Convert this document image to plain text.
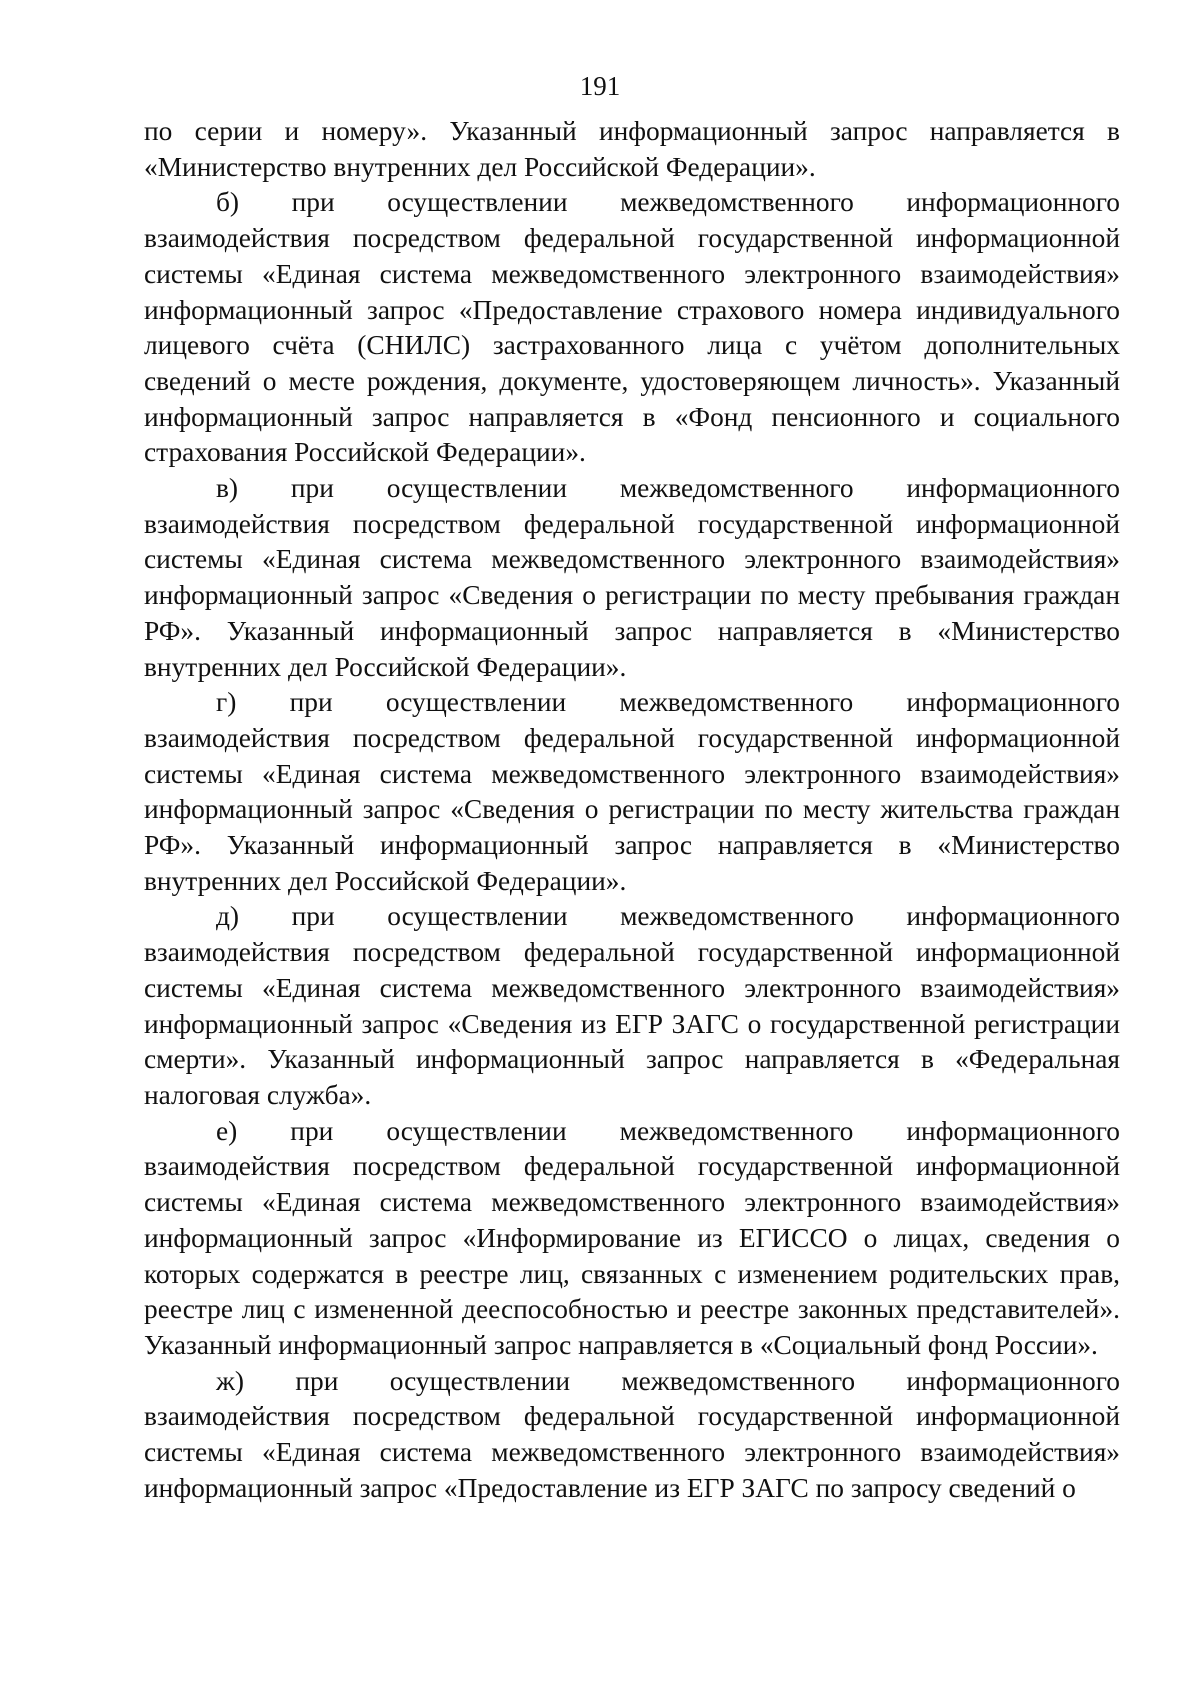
191

по серии и номеру». Указанный информационный запрос направляется в «Министерство внутренних дел Российской Федерации».

б) при осуществлении межведомственного информационного взаимодействия посредством федеральной государственной информационной системы «Единая система межведомственного электронного взаимодействия» информационный запрос «Предоставление страхового номера индивидуального лицевого счёта (СНИЛС) застрахованного лица с учётом дополнительных сведений о месте рождения, документе, удостоверяющем личность». Указанный информационный запрос направляется в «Фонд пенсионного и социального страхования Российской Федерации».

в) при осуществлении межведомственного информационного взаимодействия посредством федеральной государственной информационной системы «Единая система межведомственного электронного взаимодействия» информационный запрос «Сведения о регистрации по месту пребывания граждан РФ». Указанный информационный запрос направляется в «Министерство внутренних дел Российской Федерации».

г) при осуществлении межведомственного информационного взаимодействия посредством федеральной государственной информационной системы «Единая система межведомственного электронного взаимодействия» информационный запрос «Сведения о регистрации по месту жительства граждан РФ». Указанный информационный запрос направляется в «Министерство внутренних дел Российской Федерации».

д) при осуществлении межведомственного информационного взаимодействия посредством федеральной государственной информационной системы «Единая система межведомственного электронного взаимодействия» информационный запрос «Сведения из ЕГР ЗАГС о государственной регистрации смерти». Указанный информационный запрос направляется в «Федеральная налоговая служба».

е) при осуществлении межведомственного информационного взаимодействия посредством федеральной государственной информационной системы «Единая система межведомственного электронного взаимодействия» информационный запрос «Информирование из ЕГИССО о лицах, сведения о которых содержатся в реестре лиц, связанных с изменением родительских прав, реестре лиц с измененной дееспособностью и реестре законных представителей». Указанный информационный запрос направляется в «Социальный фонд России».

ж) при осуществлении межведомственного информационного взаимодействия посредством федеральной государственной информационной системы «Единая система межведомственного электронного взаимодействия» информационный запрос «Предоставление из ЕГР ЗАГС по запросу сведений о
